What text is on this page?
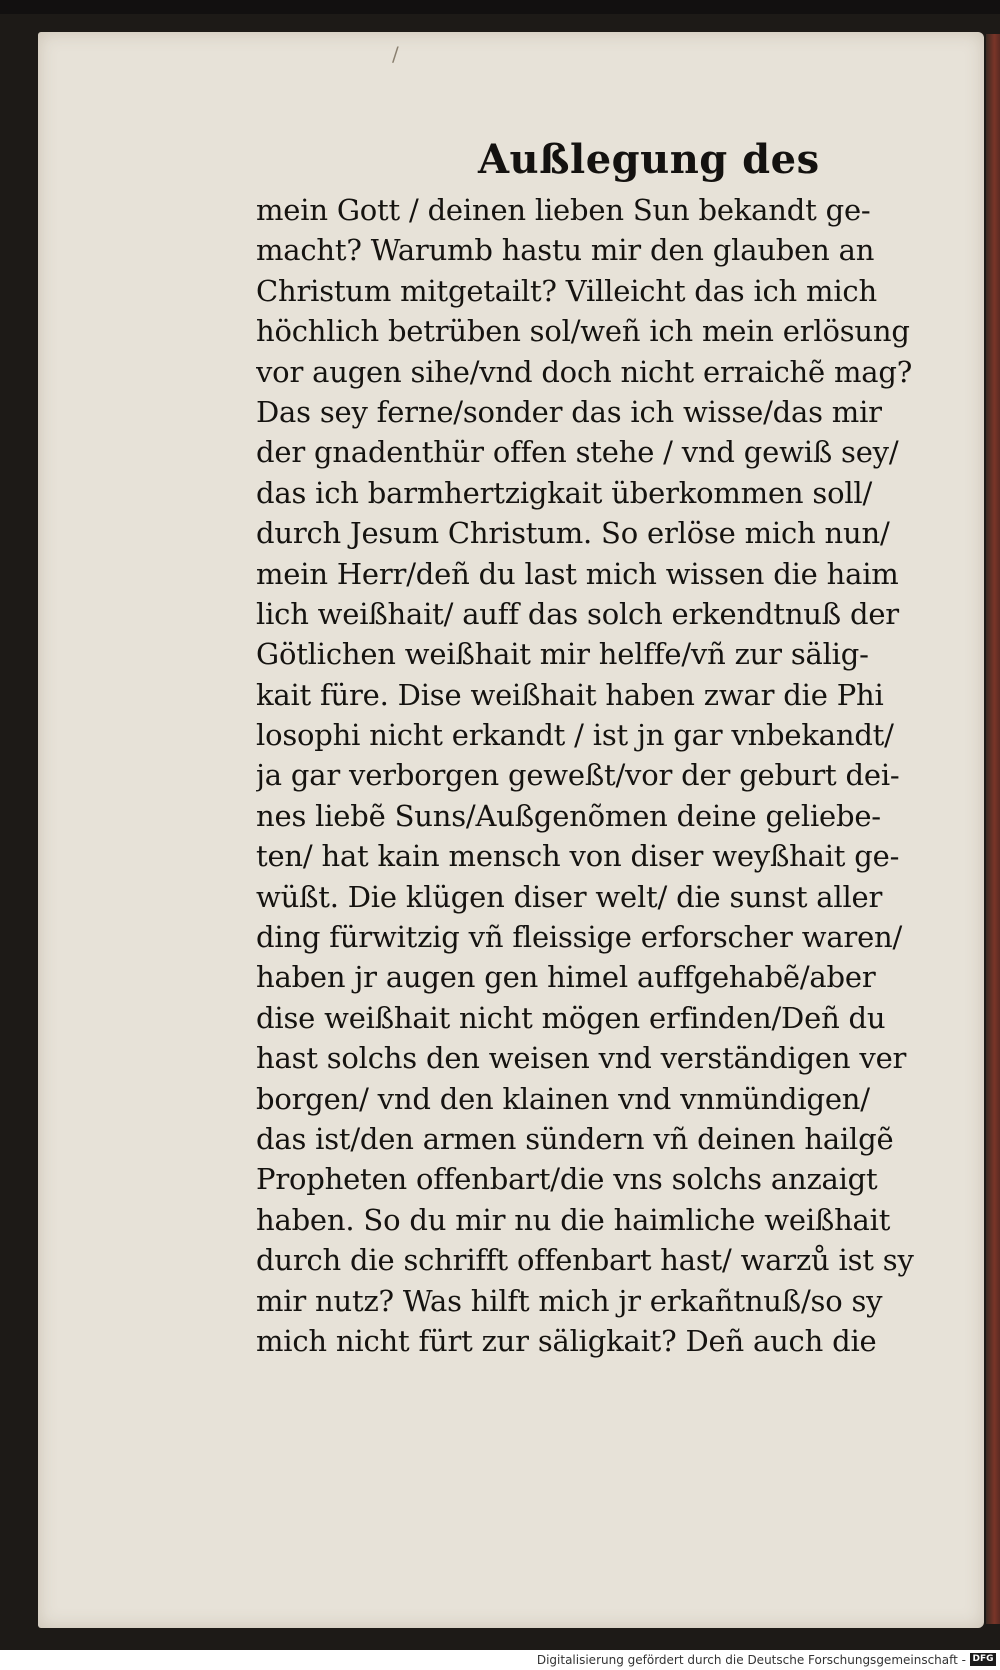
/
Außlegung des
mein Gott / deinen lieben Sun bekandt ge-
macht? Warumb hastu mir den glauben an
Christum mitgetailt? Villeicht das ich mich
höchlich betrüben sol/weñ ich mein erlösung
vor augen sihe/vnd doch nicht erraichẽ mag?
Das sey ferne/sonder das ich wisse/das mir
der gnadenthür offen stehe / vnd gewiß sey/
das ich barmhertzigkait überkommen soll/
durch Jesum Christum. So erlöse mich nun/
mein Herr/deñ du last mich wissen die haim
lich weißhait/ auff das solch erkendtnuß der
Götlichen weißhait mir helffe/vñ zur sälig-
kait füre. Dise weißhait haben zwar die Phi
losophi nicht erkandt / ist jn gar vnbekandt/
ja gar verborgen geweßt/vor der geburt dei-
nes liebẽ Suns/Außgenõmen deine geliebe-
ten/ hat kain mensch von diser weyßhait ge-
wüßt. Die klügen diser welt/ die sunst aller
ding fürwitzig vñ fleissige erforscher waren/
haben jr augen gen himel auffgehabẽ/aber
dise weißhait nicht mögen erfinden/Deñ du
hast solchs den weisen vnd verständigen ver
borgen/ vnd den klainen vnd vnmündigen/
das ist/den armen sündern vñ deinen hailgẽ
Propheten offenbart/die vns solchs anzaigt
haben. So du mir nu die haimliche weißhait
durch die schrifft offenbart hast/ warzů ist sy
mir nutz? Was hilft mich jr erkañtnuß/so sy
mich nicht fürt zur säligkait? Deñ auch die
Digitalisierung gefördert durch die Deutsche Forschungsgemeinschaft - DFG
